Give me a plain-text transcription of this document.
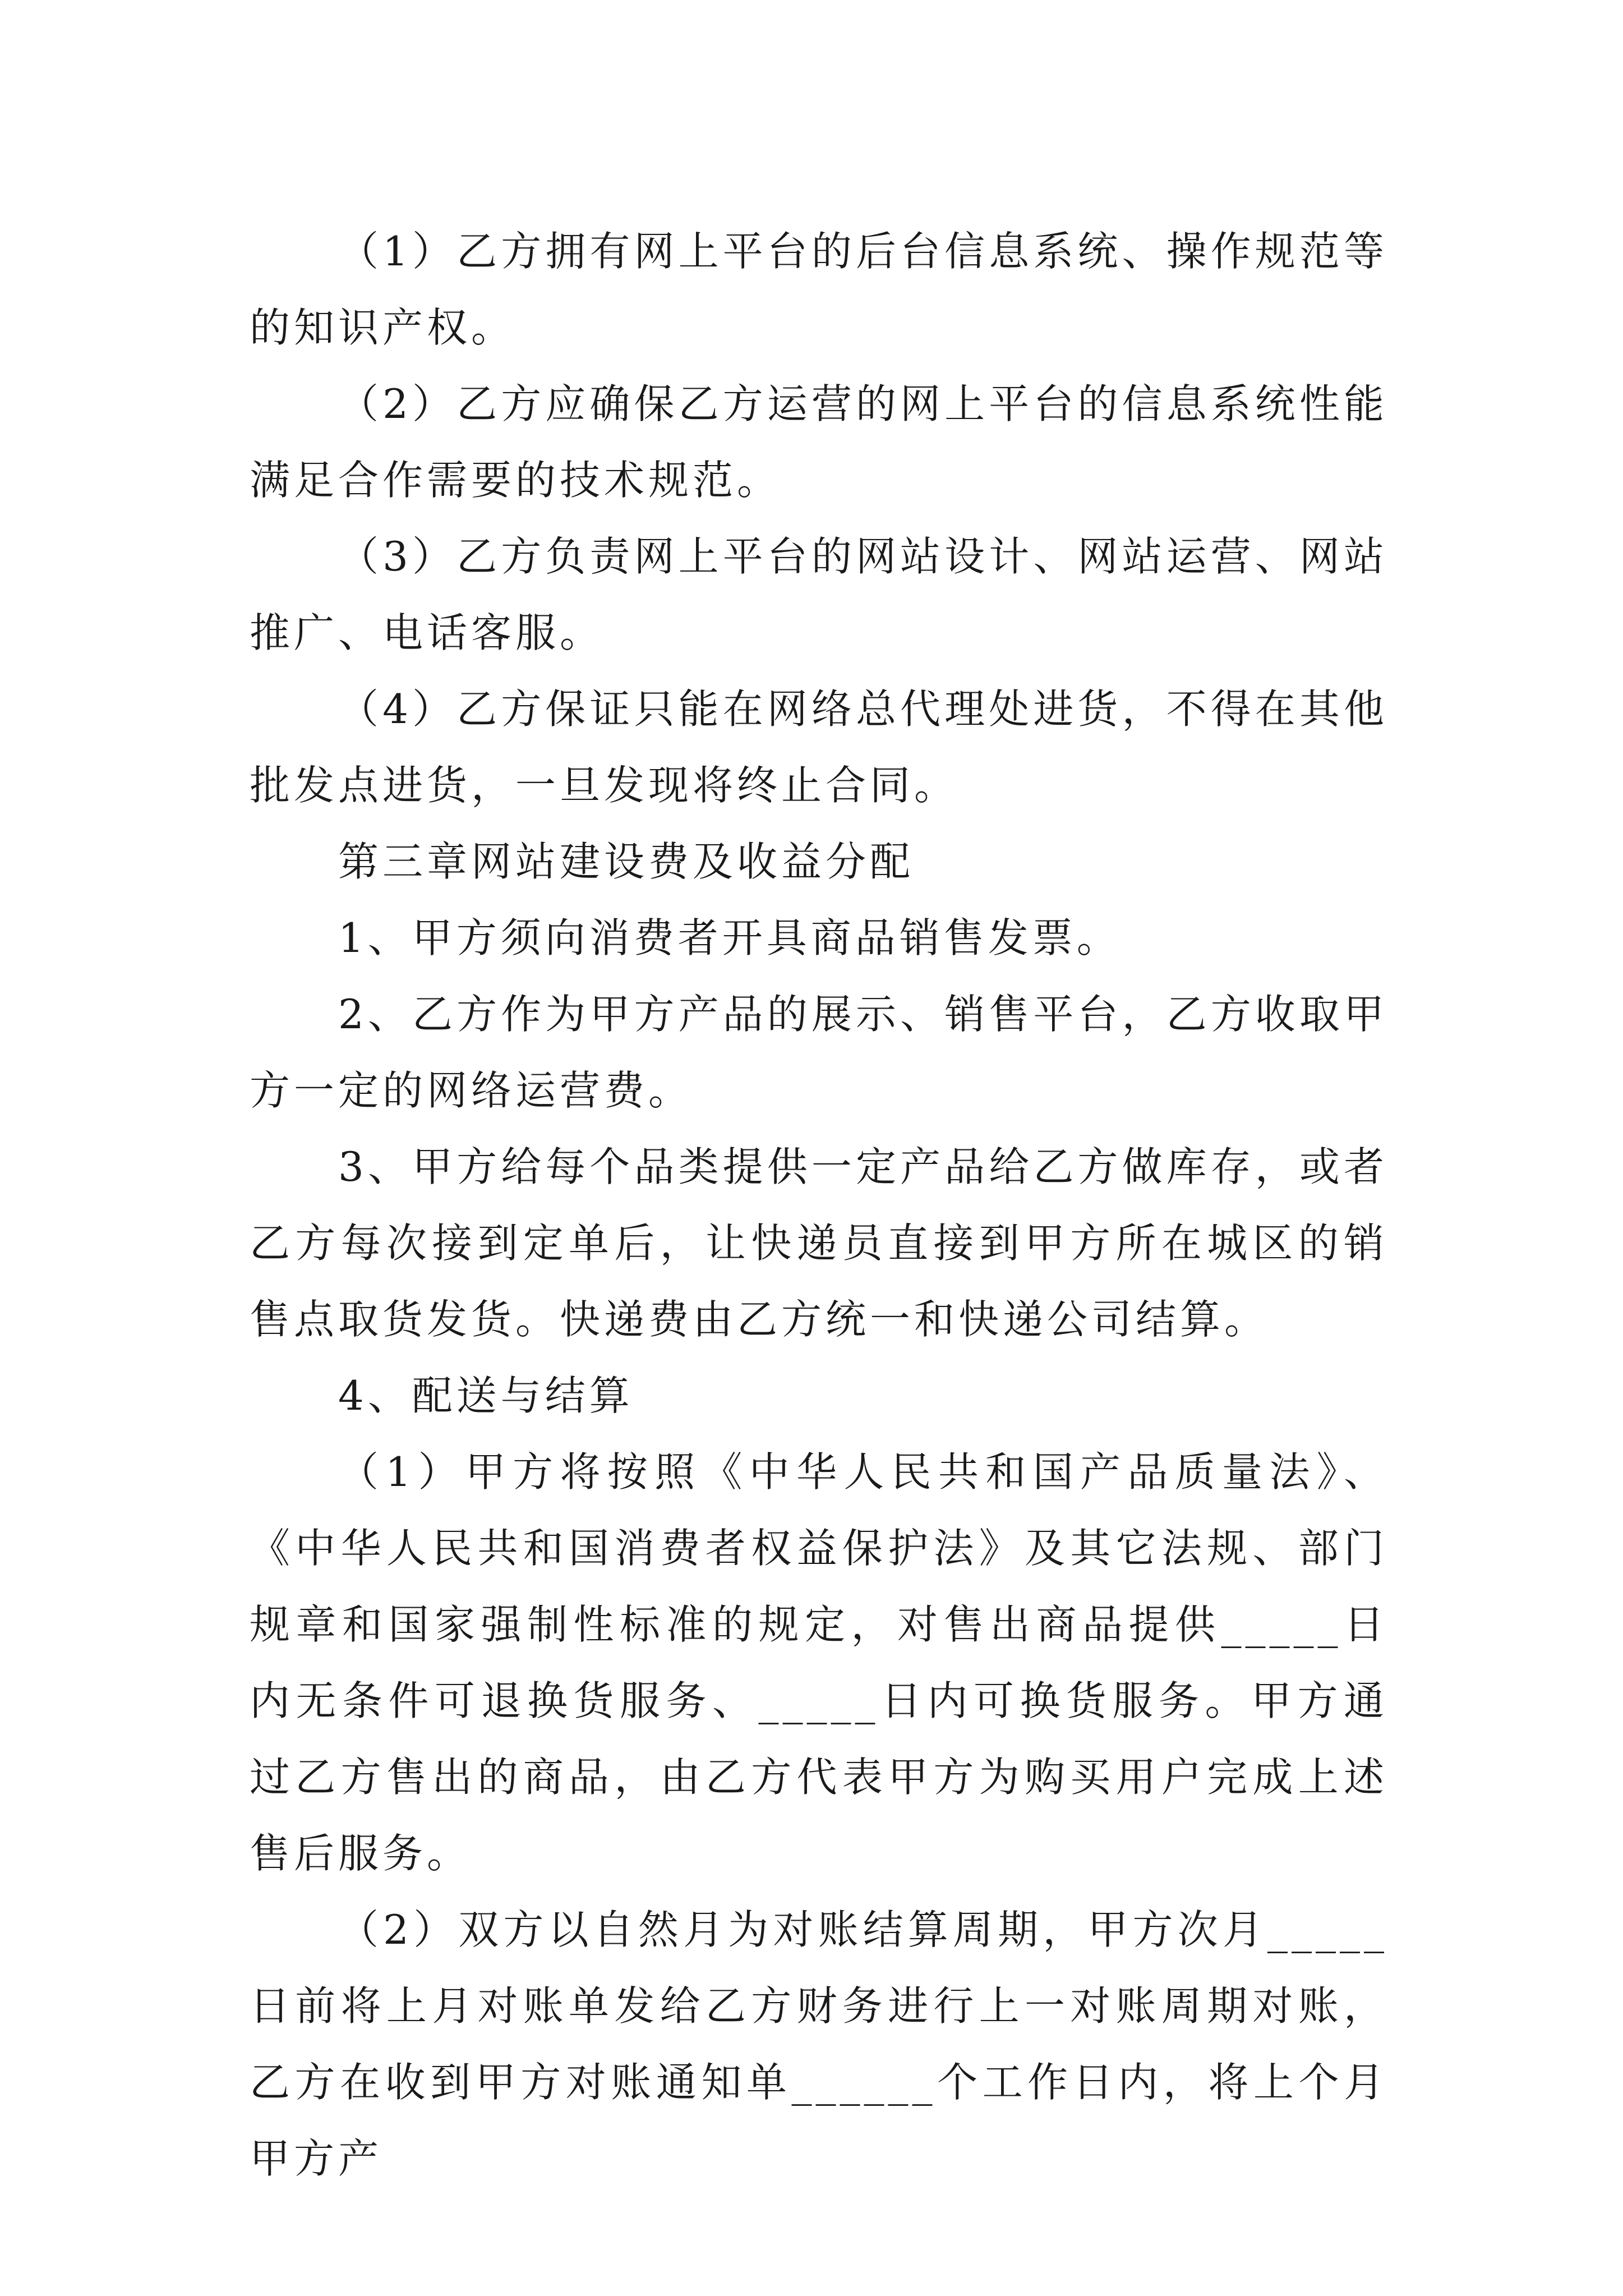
（1）乙方拥有网上平台的后台信息系统、操作规范等的知识产权。

（2）乙方应确保乙方运营的网上平台的信息系统性能满足合作需要的技术规范。

（3）乙方负责网上平台的网站设计、网站运营、网站推广、电话客服。

（4）乙方保证只能在网络总代理处进货，不得在其他批发点进货，一旦发现将终止合同。

第三章网站建设费及收益分配

1、甲方须向消费者开具商品销售发票。

2、乙方作为甲方产品的展示、销售平台，乙方收取甲方一定的网络运营费。

3、甲方给每个品类提供一定产品给乙方做库存，或者乙方每次接到定单后，让快递员直接到甲方所在城区的销售点取货发货。快递费由乙方统一和快递公司结算。

4、配送与结算

（1）甲方将按照《中华人民共和国产品质量法》、《中华人民共和国消费者权益保护法》及其它法规、部门规章和国家强制性标准的规定，对售出商品提供_____日内无条件可退换货服务、_____日内可换货服务。甲方通过乙方售出的商品，由乙方代表甲方为购买用户完成上述售后服务。

（2）双方以自然月为对账结算周期，甲方次月_____日前将上月对账单发给乙方财务进行上一对账周期对账，乙方在收到甲方对账通知单______个工作日内，将上个月甲方产
